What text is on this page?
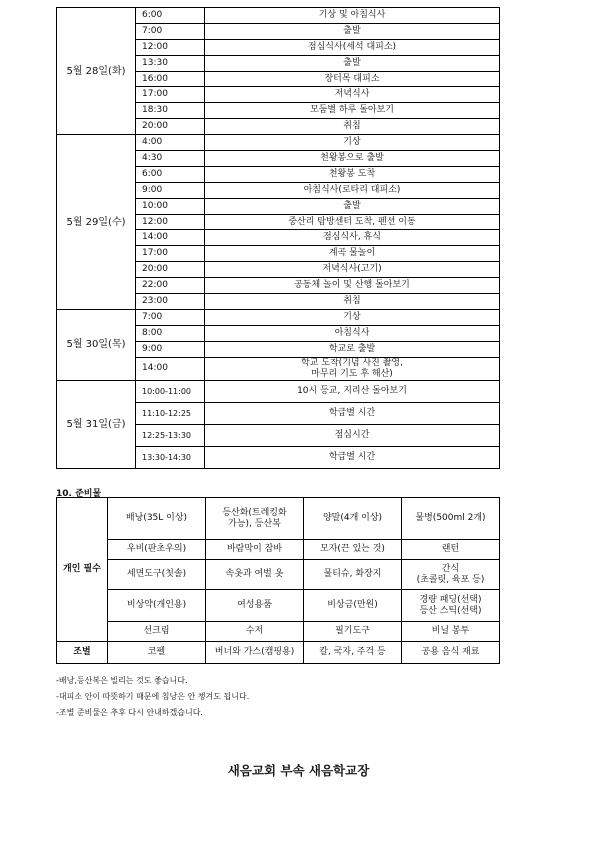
5월 28일(화)	6:00	기상 및 아침식사
	7:00	출발
	12:00	점심식사(세석 대피소)
	13:30	출발
	16:00	장터목 대피소
	17:00	저녁식사
	18:30	모둠별 하루 돌아보기
	20:00	취침
5월 29일(수)	4:00	기상
	4:30	천왕봉으로 출발
	6:00	천왕봉 도착
	9:00	아침식사(로타리 대피소)
	10:00	출발
	12:00	중산리 탐방센터 도착, 펜션 이동
	14:00	점심식사, 휴식
	17:00	계곡 물놀이
	20:00	저녁식사(고기)
	22:00	공동체 놀이 및 산행 돌아보기
	23:00	취침
5월 30일(목)	7:00	기상
	8:00	아침식사
	9:00	학교로 출발
	14:00	학교 도착(기념 사진 촬영,
마무리 기도 후 해산)
5월 31일(금)	10:00-11:00	10시 등교, 지리산 돌아보기
	11:10-12:25	학급별 시간
	12:25-13:30	점심시간
	13:30-14:30	학급별 시간
10. 준비물
개인 필수	배낭(35L 이상)	등산화(트레킹화
가능), 등산복	양말(4개 이상)	물병(500ml 2개)
	우비(판초우의)	바람막이 잠바	모자(끈 있는 것)	랜턴
	세면도구(칫솔)	속옷과 여벌 옷	물티슈, 화장지	간식
(초콜릿, 육포 등)
	비상약(개인용)	여성용품	비상금(만원)	경량 패딩(선택)
등산 스틱(선택)
	선크림	수저	필기도구	비닐 봉투
조별	코펠	버너와 가스(캠핑용)	칼, 국자, 주걱 등	공용 음식 재료
-배낭,등산복은 빌리는 것도 좋습니다.
-대피소 안이 따뜻하기 때문에 침낭은 안 챙겨도 됩니다.
-조별 준비물은 추후 다시 안내하겠습니다.
새음교회 부속 새음학교장
